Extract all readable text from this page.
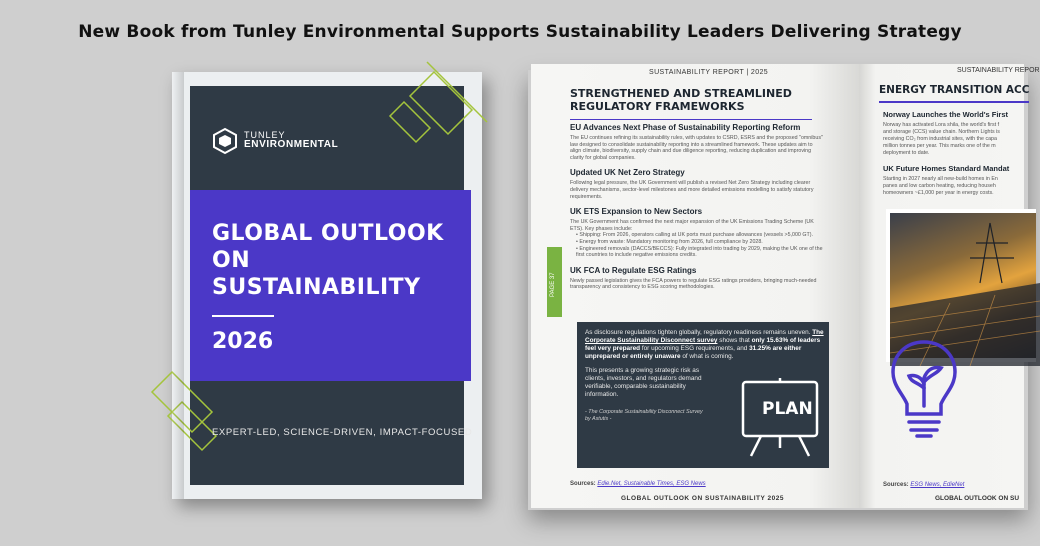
New Book from Tunley Environmental Supports Sustainability Leaders Delivering Strategy
TUNLEY
ENVIRONMENTAL
GLOBAL OUTLOOK ON SUSTAINABILITY
2026
EXPERT-LED, SCIENCE-DRIVEN, IMPACT-FOCUSED
SUSTAINABILITY REPORT | 2025
PAGE 37
STRENGTHENED AND STREAMLINED REGULATORY FRAMEWORKS
EU Advances Next Phase of Sustainability Reporting Reform
The EU continues refining its sustainability rules, with updates to CSRD, ESRS and the proposed "omnibus" law designed to consolidate sustainability reporting into a streamlined framework. These updates aim to align climate, biodiversity, supply chain and due diligence reporting, reducing duplication and improving clarity for global companies.
Updated UK Net Zero Strategy
Following legal pressure, the UK Government will publish a revised Net Zero Strategy including clearer delivery mechanisms, sector-level milestones and more detailed emissions modelling to satisfy statutory requirements.
UK ETS Expansion to New Sectors
The UK Government has confirmed the next major expansion of the UK Emissions Trading Scheme (UK ETS). Key phases include:
• Shipping: From 2026, operators calling at UK ports must purchase allowances (vessels >5,000 GT).
• Energy from waste: Mandatory monitoring from 2026, full compliance by 2028.
• Engineered removals (DACCS/BECCS): Fully integrated into trading by 2029, making the UK one of the first countries to include negative emissions credits.
UK FCA to Regulate ESG Ratings
Newly passed legislation gives the FCA powers to regulate ESG ratings providers, bringing much-needed transparency and consistency to ESG scoring methodologies.
As disclosure regulations tighten globally, regulatory readiness remains uneven. The Corporate Sustainability Disconnect survey shows that only 15.63% of leaders feel very prepared for upcoming ESG requirements, and 31.25% are either unprepared or entirely unaware of what is coming.
This presents a growing strategic risk as clients, investors, and regulators demand verifiable, comparable sustainability information.
- The Corporate Sustainability Disconnect Survey by Astutis -	PLAN
Sources: Edie.Net, Sustainable Times, ESG News
GLOBAL OUTLOOK ON SUSTAINABILITY 2025
SUSTAINABILITY REPOR
ENERGY TRANSITION ACC
Norway Launches the World's First
Norway has activated Lora shila, the world's first f
and storage (CCS) value chain. Northern Lights is
receiving CO₂ from industrial sites, with the capa
million tonnes per year. This marks one of the m
deployment to date.
UK Future Homes Standard Mandat
Starting in 2027 nearly all new-build homes in En
panes and low carbon heating, reducing househ
homeowners ~£1,000 per year in energy costs.
Sources: ESG News, EdieNet
GLOBAL OUTLOOK ON SU
